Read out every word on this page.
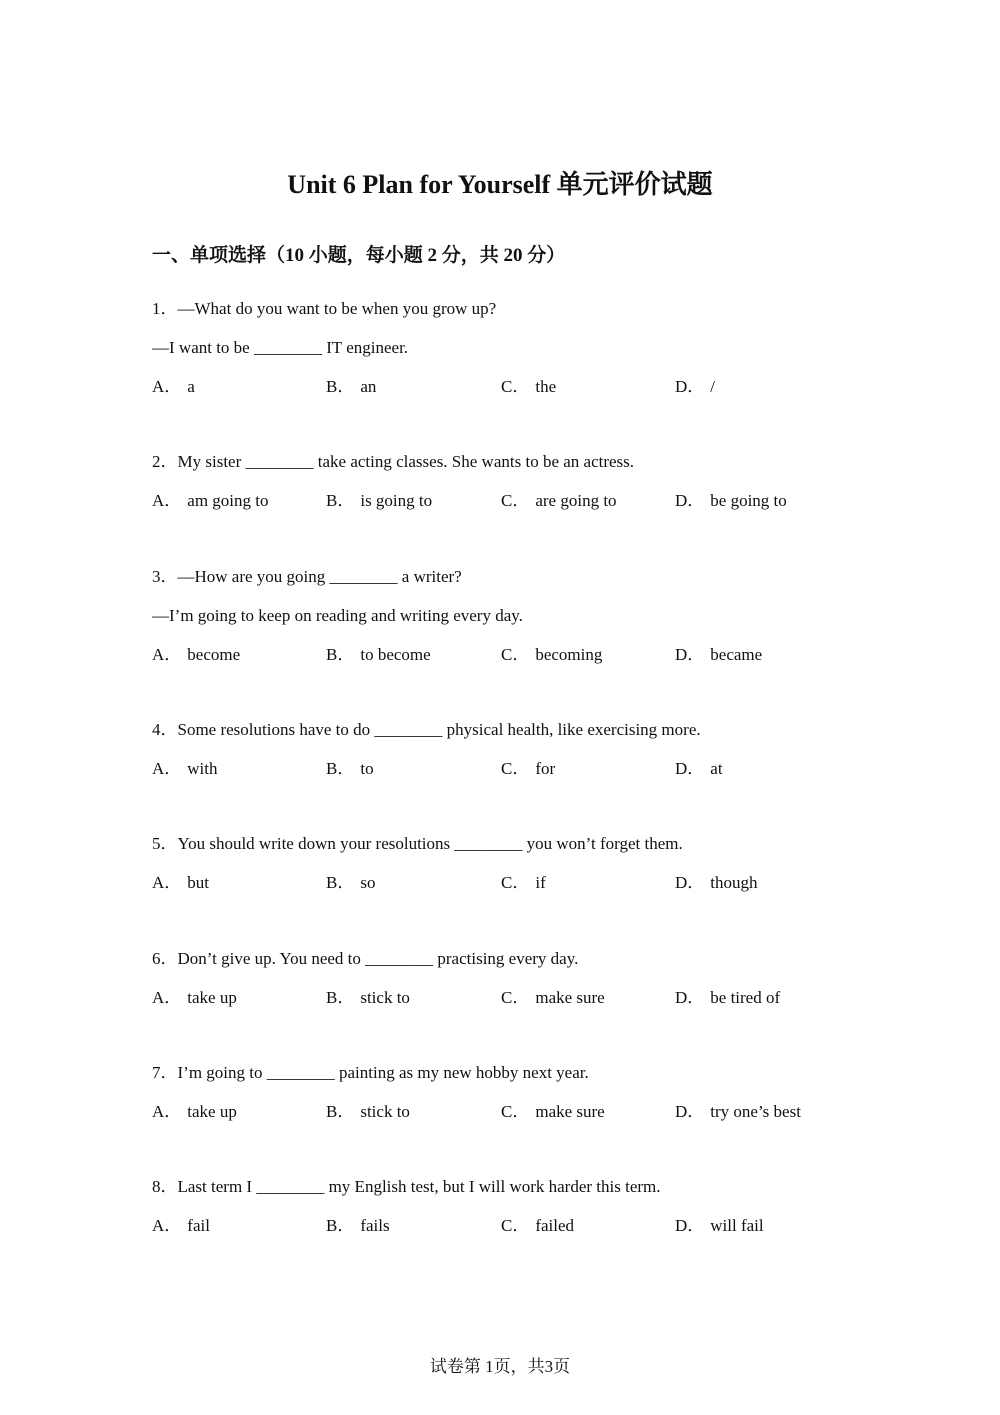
Unit 6 Plan for Yourself 单元评价试题
一、单项选择（10 小题，每小题 2 分，共 20 分）
1．—What do you want to be when you grow up?
—I want to be ________ IT engineer.
A． a	B． an	C． the	D． /
2．My sister ________ take acting classes. She wants to be an actress.
A． am going to	B． is going to	C． are going to	D． be going to
3．—How are you going ________ a writer?
—I’m going to keep on reading and writing every day.
A． become	B． to become	C． becoming	D． became
4．Some resolutions have to do ________ physical health, like exercising more.
A． with	B． to	C． for	D． at
5．You should write down your resolutions ________ you won’t forget them.
A． but	B． so	C． if	D． though
6．Don’t give up. You need to ________ practising every day.
A． take up	B． stick to	C． make sure	D． be tired of
7．I’m going to ________ painting as my new hobby next year.
A． take up	B． stick to	C． make sure	D． try one’s best
8．Last term I ________ my English test, but I will work harder this term.
A． fail	B． fails	C． failed	D． will fail
试卷第 1页，共3页
